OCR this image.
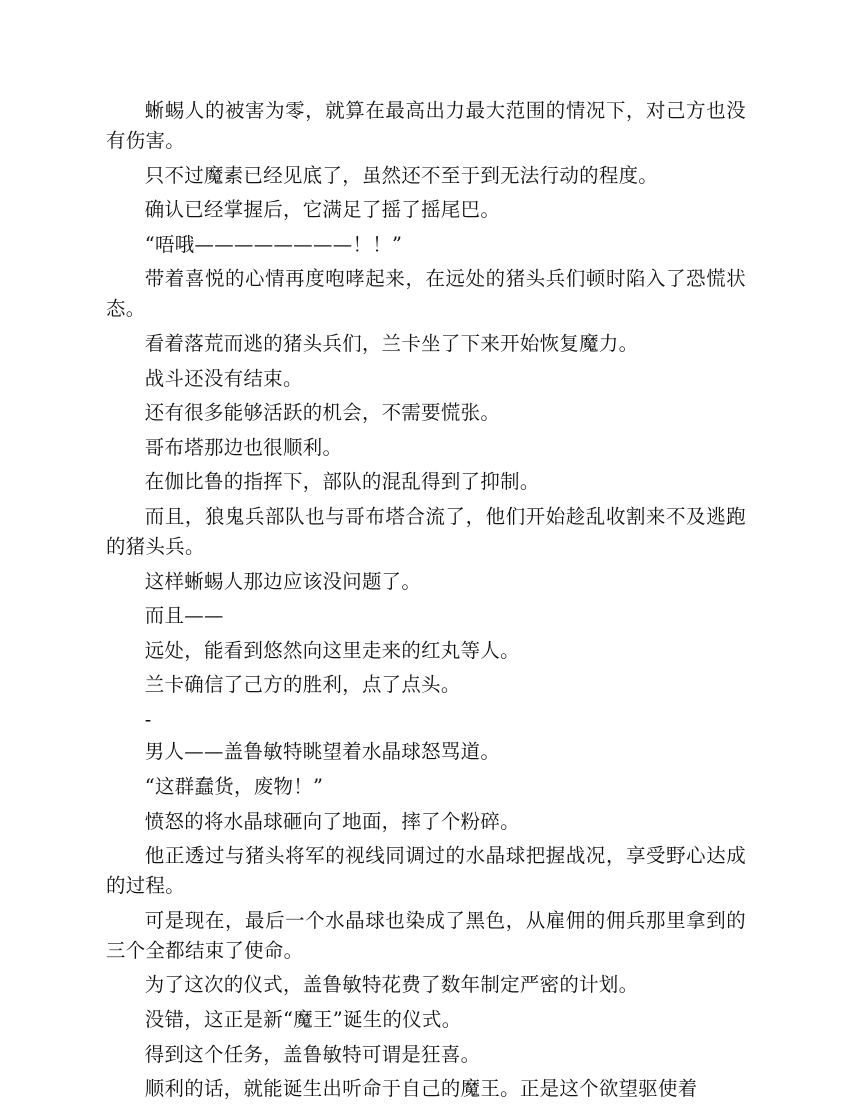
蜥蜴人的被害为零，就算在最高出力最大范围的情况下，对己方也没有伤害。

只不过魔素已经见底了，虽然还不至于到无法行动的程度。

确认已经掌握后，它满足了摇了摇尾巴。

“唔哦————————！！”

带着喜悦的心情再度咆哮起来，在远处的猪头兵们顿时陷入了恐慌状态。

看着落荒而逃的猪头兵们，兰卡坐了下来开始恢复魔力。

战斗还没有结束。

还有很多能够活跃的机会，不需要慌张。

哥布塔那边也很顺利。

在伽比鲁的指挥下，部队的混乱得到了抑制。

而且，狼鬼兵部队也与哥布塔合流了，他们开始趁乱收割来不及逃跑的猪头兵。

这样蜥蜴人那边应该没问题了。

而且——

远处，能看到悠然向这里走来的红丸等人。

兰卡确信了己方的胜利，点了点头。

-

男人——盖鲁敏特眺望着水晶球怒骂道。

“这群蠢货，废物！”

愤怒的将水晶球砸向了地面，摔了个粉碎。

他正透过与猪头将军的视线同调过的水晶球把握战况，享受野心达成的过程。

可是现在，最后一个水晶球也染成了黑色，从雇佣的佣兵那里拿到的三个全都结束了使命。

为了这次的仪式，盖鲁敏特花费了数年制定严密的计划。

没错，这正是新“魔王”诞生的仪式。

得到这个任务，盖鲁敏特可谓是狂喜。

顺利的话，就能诞生出听命于自己的魔王。正是这个欲望驱使着
